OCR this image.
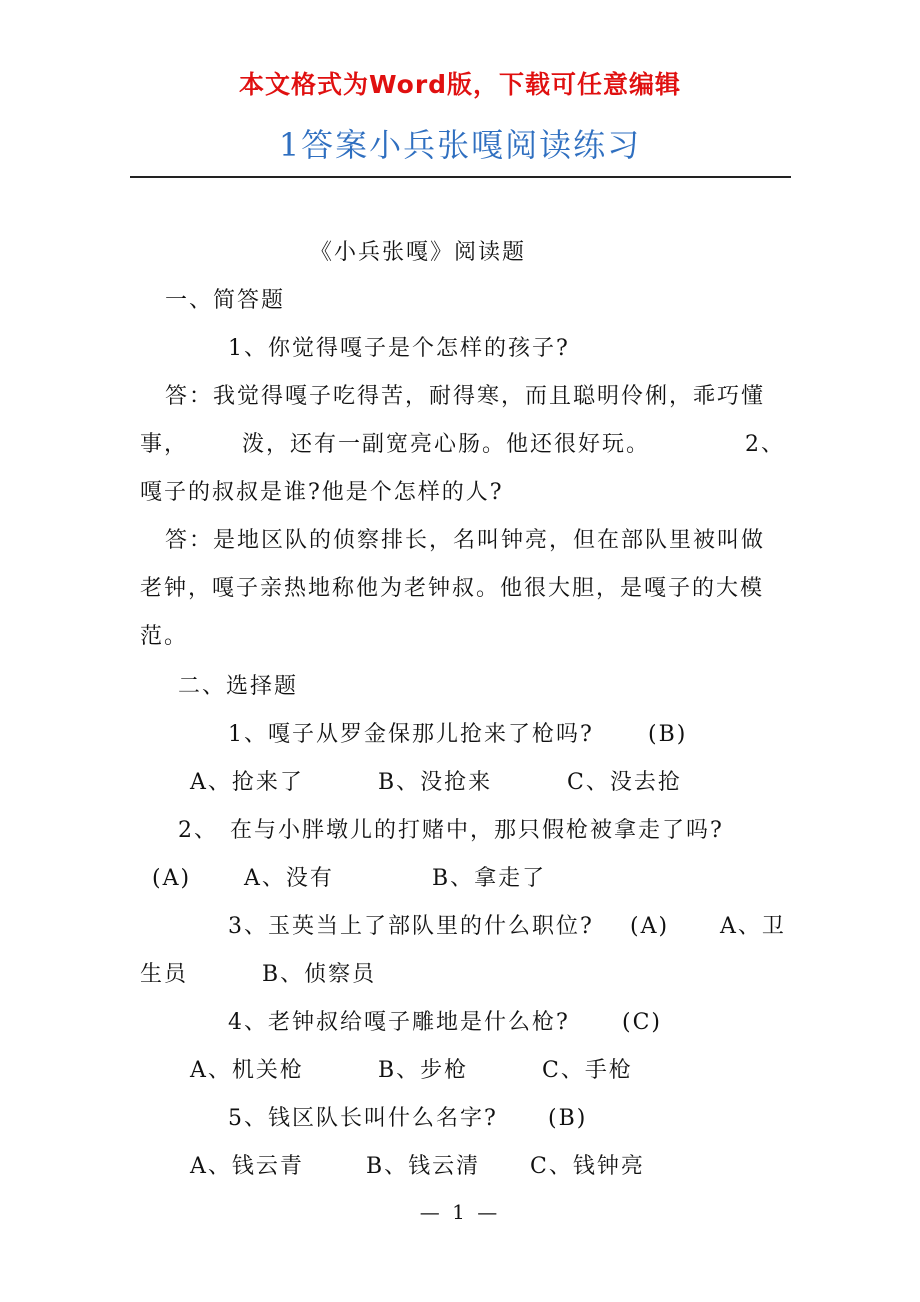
本文格式为Word版，下载可任意编辑
1答案小兵张嘎阅读练习
《小兵张嘎》阅读题
一、简答题
1、你觉得嘎子是个怎样的孩子?
答：我觉得嘎子吃得苦，耐得寒，而且聪明伶俐，乖巧懂
事， 泼，还有一副宽亮心肠。他还很好玩。	2、
嘎子的叔叔是谁?他是个怎样的人?
答：是地区队的侦察排长，名叫钟亮，但在部队里被叫做
老钟，嘎子亲热地称他为老钟叔。他很大胆，是嘎子的大模
范。
二、选择题
1、嘎子从罗金保那儿抢来了枪吗? (B)
A、抢来了	B、没抢来	C、没去抢
2、 在与小胖墩儿的打赌中，那只假枪被拿走了吗?
(A) A、没有	B、拿走了
3、玉英当上了部队里的什么职位? (A) A、卫
生员	B、侦察员
4、老钟叔给嘎子雕地是什么枪? (C)
A、机关枪	B、步枪	C、手枪
5、钱区队长叫什么名字? (B)
A、钱云青	B、钱云清 C、钱钟亮
— 1 —
